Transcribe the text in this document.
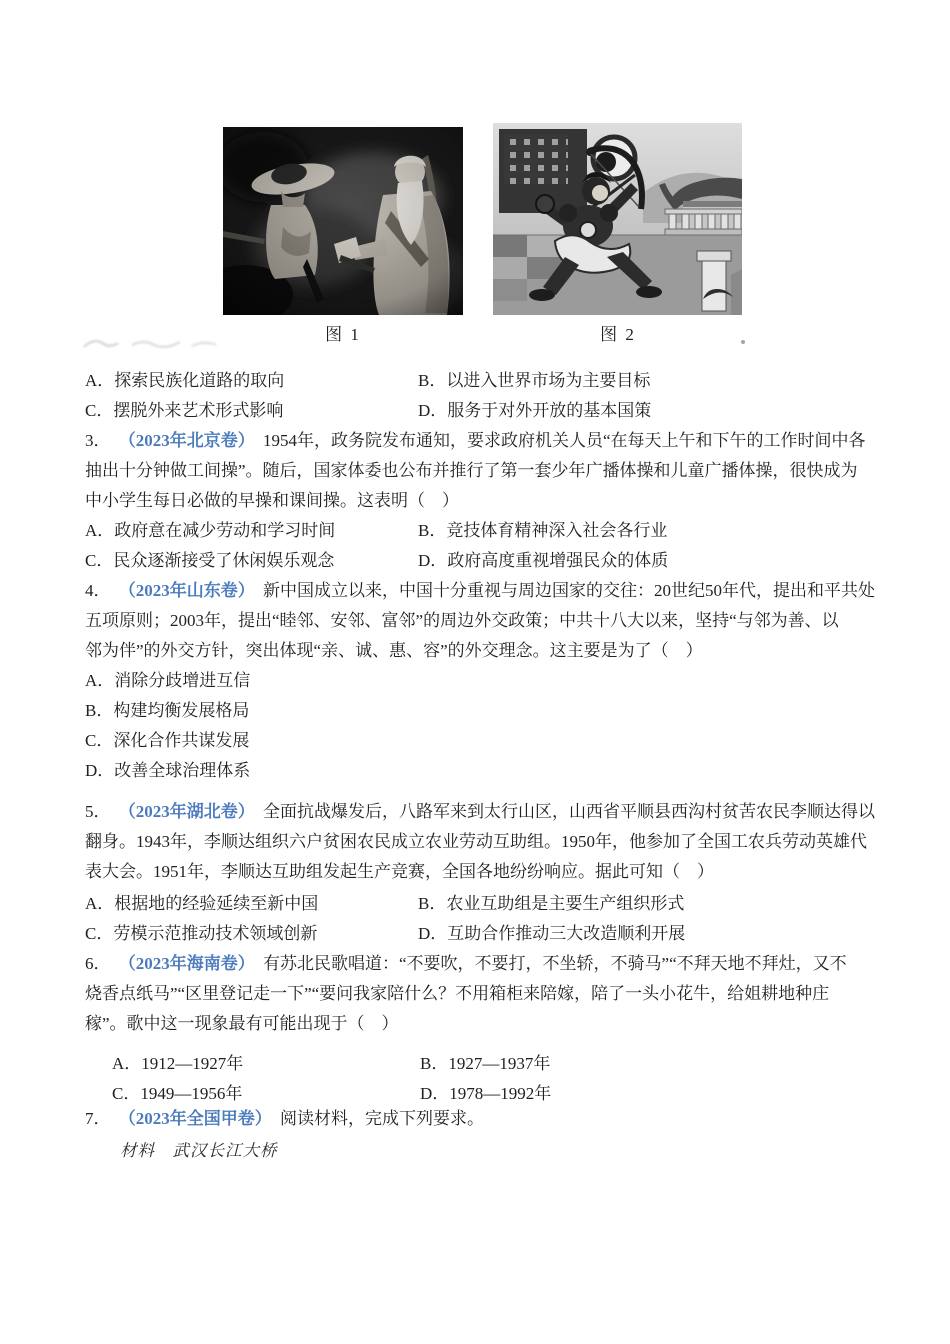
图 1	图 2
A．探索民族化道路的取向	B．以进入世界市场为主要目标
C．摆脱外来艺术形式影响	D．服务于对外开放的基本国策
3． （2023年北京卷） 1954年，政务院发布通知，要求政府机关人员“在每天上午和下午的工作时间中各
抽出十分钟做工间操”。随后，国家体委也公布并推行了第一套少年广播体操和儿童广播体操，很快成为
中小学生每日必做的早操和课间操。这表明（　）
A．政府意在减少劳动和学习时间	B．竞技体育精神深入社会各行业
C．民众逐渐接受了休闲娱乐观念	D．政府高度重视增强民众的体质
4． （2023年山东卷） 新中国成立以来，中国十分重视与周边国家的交往：20世纪50年代，提出和平共处
五项原则；2003年，提出“睦邻、安邻、富邻”的周边外交政策；中共十八大以来，坚持“与邻为善、以
邻为伴”的外交方针，突出体现“亲、诚、惠、容”的外交理念。这主要是为了（　）
A．消除分歧增进互信
B．构建均衡发展格局
C．深化合作共谋发展
D．改善全球治理体系
5． （2023年湖北卷） 全面抗战爆发后，八路军来到太行山区，山西省平顺县西沟村贫苦农民李顺达得以
翻身。1943年，李顺达组织六户贫困农民成立农业劳动互助组。1950年，他参加了全国工农兵劳动英雄代
表大会。1951年，李顺达互助组发起生产竞赛，全国各地纷纷响应。据此可知（　）
A．根据地的经验延续至新中国	B．农业互助组是主要生产组织形式
C．劳模示范推动技术领域创新	D．互助合作推动三大改造顺利开展
6． （2023年海南卷） 有苏北民歌唱道：“不要吹，不要打，不坐轿，不骑马”“不拜天地不拜灶，又不
烧香点纸马”“区里登记走一下”“要问我家陪什么？不用箱柜来陪嫁，陪了一头小花牛，给姐耕地种庄
稼”。歌中这一现象最有可能出现于（　）
A．1912—1927年	B．1927—1937年
C．1949—1956年	D．1978—1992年
7． （2023年全国甲卷） 阅读材料，完成下列要求。
材料　武汉长江大桥
